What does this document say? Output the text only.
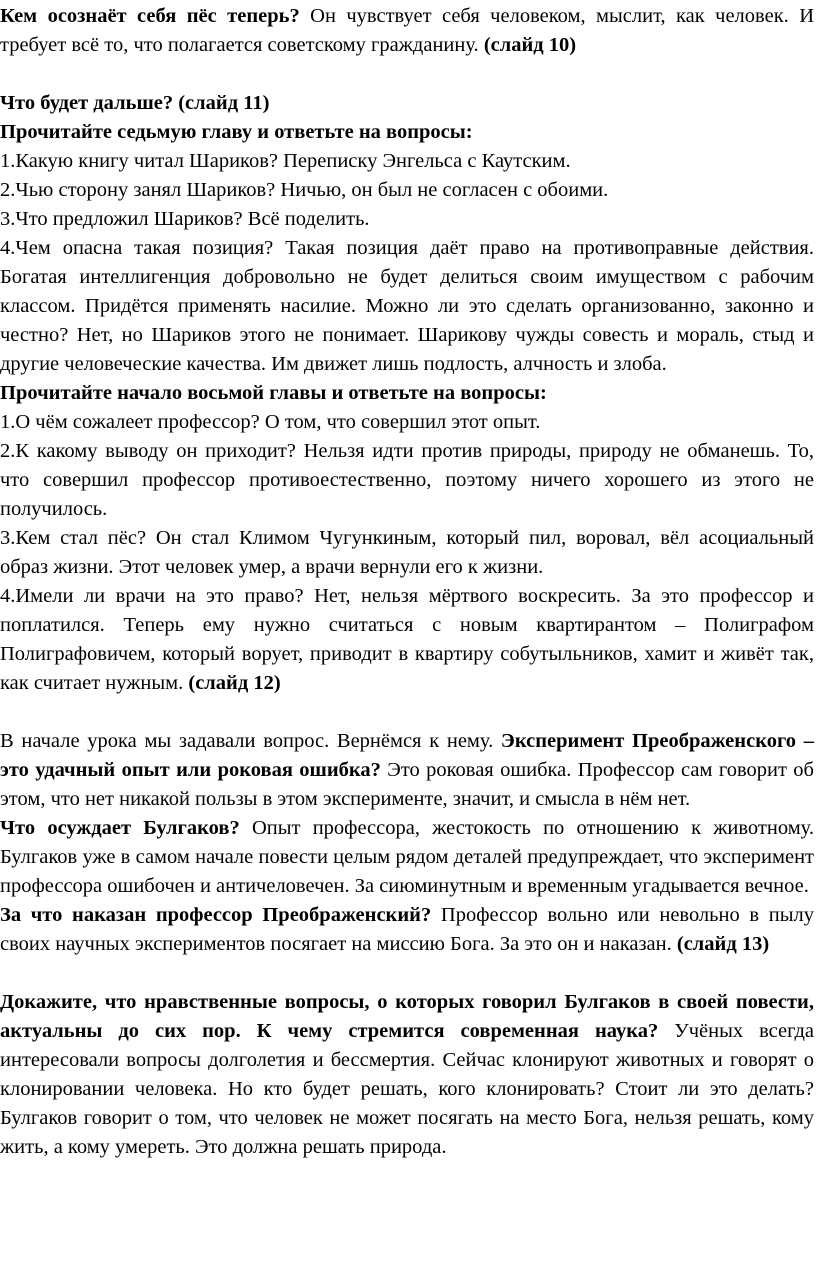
Кем осознаёт себя пёс теперь? Он чувствует себя человеком, мыслит, как человек. И требует всё то, что полагается советскому гражданину. (слайд 10)

Что будет дальше? (слайд 11)

Прочитайте седьмую главу и ответьте на вопросы:

1.Какую книгу читал Шариков? Переписку Энгельса с Каутским.

2.Чью сторону занял Шариков? Ничью, он был не согласен с обоими.

3.Что предложил Шариков? Всё поделить.

4.Чем опасна такая позиция? Такая позиция даёт право на противоправные действия. Богатая интеллигенция добровольно не будет делиться своим имуществом с рабочим классом. Придётся применять насилие. Можно ли это сделать организованно, законно и честно? Нет, но Шариков этого не понимает. Шарикову чужды совесть и мораль, стыд и другие человеческие качества. Им движет лишь подлость, алчность и злоба.

Прочитайте начало восьмой главы и ответьте на вопросы:

1.О чём сожалеет профессор? О том, что совершил этот опыт.

2.К какому выводу он приходит? Нельзя идти против природы, природу не обманешь. То, что совершил профессор противоестественно, поэтому ничего хорошего из этого не получилось.

3.Кем стал пёс? Он стал Климом Чугункиным, который пил, воровал, вёл асоциальный образ жизни. Этот человек умер, а врачи вернули его к жизни.

4.Имели ли врачи на это право? Нет, нельзя мёртвого воскресить. За это профессор и поплатился. Теперь ему нужно считаться с новым квартирантом – Полиграфом Полиграфовичем, который ворует, приводит в квартиру собутыльников, хамит и живёт так, как считает нужным. (слайд 12)

В начале урока мы задавали вопрос. Вернёмся к нему. Эксперимент Преображенского – это удачный опыт или роковая ошибка? Это роковая ошибка. Профессор сам говорит об этом, что нет никакой пользы в этом эксперименте, значит, и смысла в нём нет.

Что осуждает Булгаков? Опыт профессора, жестокость по отношению к животному. Булгаков уже в самом начале повести целым рядом деталей предупреждает, что эксперимент профессора ошибочен и античеловечен. За сиюминутным и временным угадывается вечное.

За что наказан профессор Преображенский? Профессор вольно или невольно в пылу своих научных экспериментов посягает на миссию Бога. За это он и наказан. (слайд 13)

Докажите, что нравственные вопросы, о которых говорил Булгаков в своей повести, актуальны до сих пор. К чему стремится современная наука? Учёных всегда интересовали вопросы долголетия и бессмертия. Сейчас клонируют животных и говорят о клонировании человека. Но кто будет решать, кого клонировать? Стоит ли это делать? Булгаков говорит о том, что человек не может посягать на место Бога, нельзя решать, кому жить, а кому умереть. Это должна решать природа.
